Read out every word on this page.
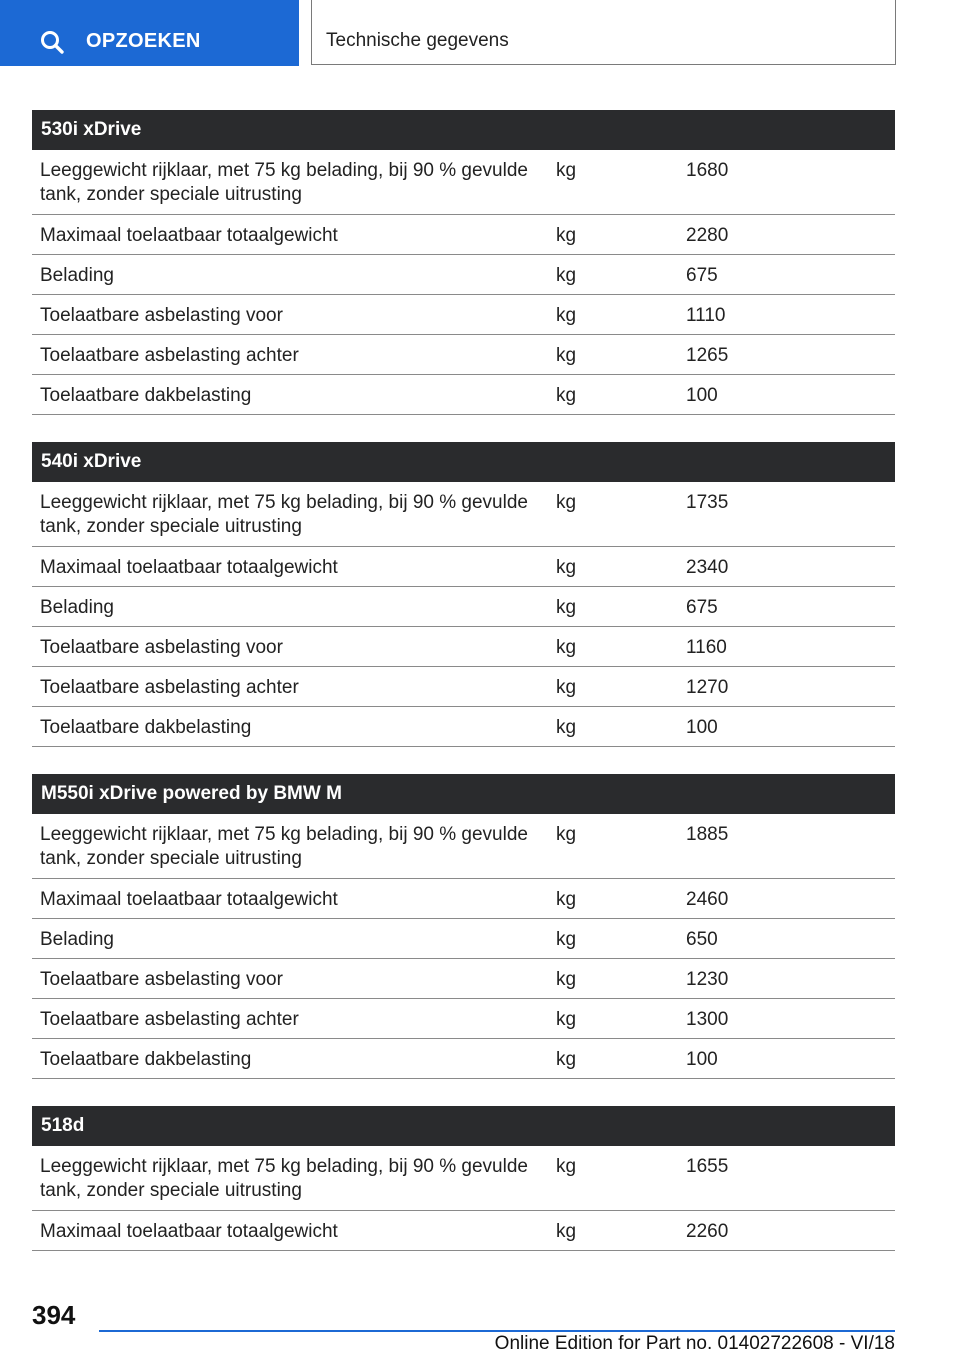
OPZOEKEN	Technische gegevens
530i xDrive
Leeggewicht rijklaar, met 75 kg belading, bij 90 % gevulde tank, zonder speciale uitrusting
kg	1680
Maximaal toelaatbaar totaalgewicht	kg	2280
Belading	kg	675
Toelaatbare asbelasting voor	kg	1110
Toelaatbare asbelasting achter	kg	1265
Toelaatbare dakbelasting	kg	100
540i xDrive
Leeggewicht rijklaar, met 75 kg belading, bij 90 % gevulde tank, zonder speciale uitrusting
kg	1735
Maximaal toelaatbaar totaalgewicht	kg	2340
Belading	kg	675
Toelaatbare asbelasting voor	kg	1160
Toelaatbare asbelasting achter	kg	1270
Toelaatbare dakbelasting	kg	100
M550i xDrive powered by BMW M
Leeggewicht rijklaar, met 75 kg belading, bij 90 % gevulde tank, zonder speciale uitrusting
kg	1885
Maximaal toelaatbaar totaalgewicht	kg	2460
Belading	kg	650
Toelaatbare asbelasting voor	kg	1230
Toelaatbare asbelasting achter	kg	1300
Toelaatbare dakbelasting	kg	100
518d
Leeggewicht rijklaar, met 75 kg belading, bij 90 % gevulde tank, zonder speciale uitrusting
kg	1655
Maximaal toelaatbaar totaalgewicht	kg	2260
394
Online Edition for Part no. 01402722608 - VI/18
